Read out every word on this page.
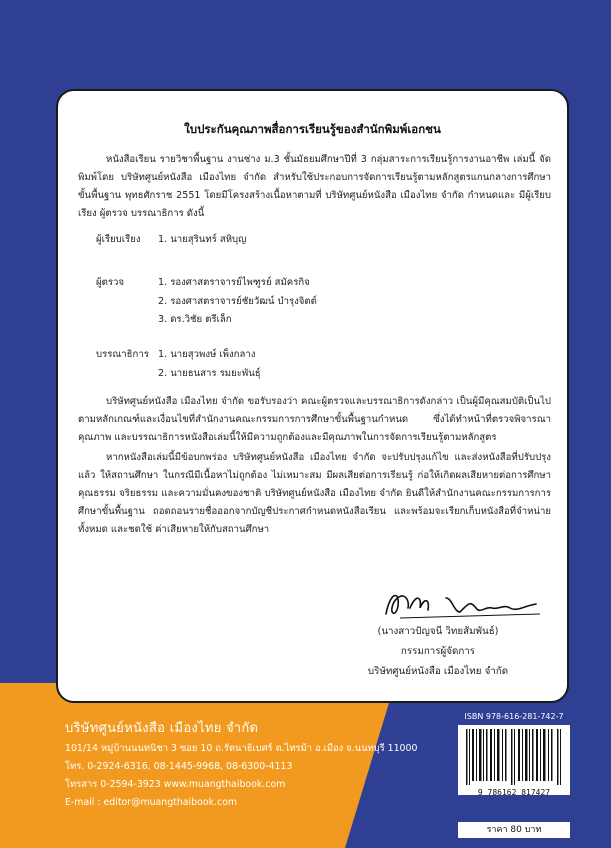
ใบประกันคุณภาพสื่อการเรียนรู้ของสำนักพิมพ์เอกชน

หนังสือเรียน รายวิชาพื้นฐาน งานช่าง ม.3 ชั้นมัธยมศึกษาปีที่ 3 กลุ่มสาระการเรียนรู้การงานอาชีพ เล่มนี้ จัดพิมพ์โดย บริษัทศูนย์หนังสือ เมืองไทย จำกัด สำหรับใช้ประกอบการจัดการเรียนรู้ตามหลักสูตรแกนกลางการศึกษา ขั้นพื้นฐาน พุทธศักราช 2551 โดยมีโครงสร้างเนื้อหาตามที่ บริษัทศูนย์หนังสือ เมืองไทย จำกัด กำหนดและ มีผู้เรียบเรียง ผู้ตรวจ บรรณาธิการ ดังนี้

ผู้เรียบเรียง	1. นายสุรินทร์ สหิบุญ
ผู้ตรวจ	1. รองศาสตราจารย์ไพฑูรย์ สมัครกิจ
2. รองศาสตราจารย์ชัยวัฒน์ บำรุงจิตต์
3. ดร.วิชัย ตรีเล็ก
บรรณาธิการ 1. นายสุวพงษ์ เพ็งกลาง
2. นายธนสาร รมยะพันธุ์

บริษัทศูนย์หนังสือ เมืองไทย จำกัด ขอรับรองว่า คณะผู้ตรวจและบรรณาธิการดังกล่าว เป็นผู้มีคุณสมบัติเป็นไป ตามหลักเกณฑ์และเงื่อนไขที่สำนักงานคณะกรรมการการศึกษาขั้นพื้นฐานกำหนด ซึ่งได้ทำหน้าที่ตรวจพิจารณาคุณภาพ และบรรณาธิการหนังสือเล่มนี้ให้มีความถูกต้องและมีคุณภาพในการจัดการเรียนรู้ตามหลักสูตร

หากหนังสือเล่มนี้มีข้อบกพร่อง บริษัทศูนย์หนังสือ เมืองไทย จำกัด จะปรับปรุงแก้ไข และส่งหนังสือที่ปรับปรุงแล้ว ให้สถานศึกษา ในกรณีมีเนื้อหาไม่ถูกต้อง ไม่เหมาะสม มีผลเสียต่อการเรียนรู้ ก่อให้เกิดผลเสียหายต่อการศึกษา คุณธรรม จริยธรรม และความมั่นคงของชาติ บริษัทศูนย์หนังสือ เมืองไทย จำกัด ยินดีให้สำนักงานคณะกรรมการการศึกษาขั้นพื้นฐาน ถอดถอนรายชื่อออกจากบัญชีประกาศกำหนดหนังสือเรียน และพร้อมจะเรียกเก็บหนังสือที่จำหน่ายทั้งหมด และชดใช้ ค่าเสียหายให้กับสถานศึกษา

(นางสาวปัญจนี วิทยสัมพันธ์)
กรรมการผู้จัดการ
บริษัทศูนย์หนังสือ เมืองไทย จำกัด
บริษัทศูนย์หนังสือ เมืองไทย จำกัด
101/14 หมู่บ้านนนทนิชา 3 ซอย 10 ถ.รัตนาธิเบศร์ ต.ไทรม้า อ.เมือง จ.นนทบุรี 11000
โทร. 0-2924-6316, 08-1445-9968, 08-6300-4113
โทรสาร 0-2594-3923 www.muangthaibook.com
E-mail : editor@muangthaibook.com
ISBN 978-616-281-742-7
9 786162 817427
ราคา 80 บาท
